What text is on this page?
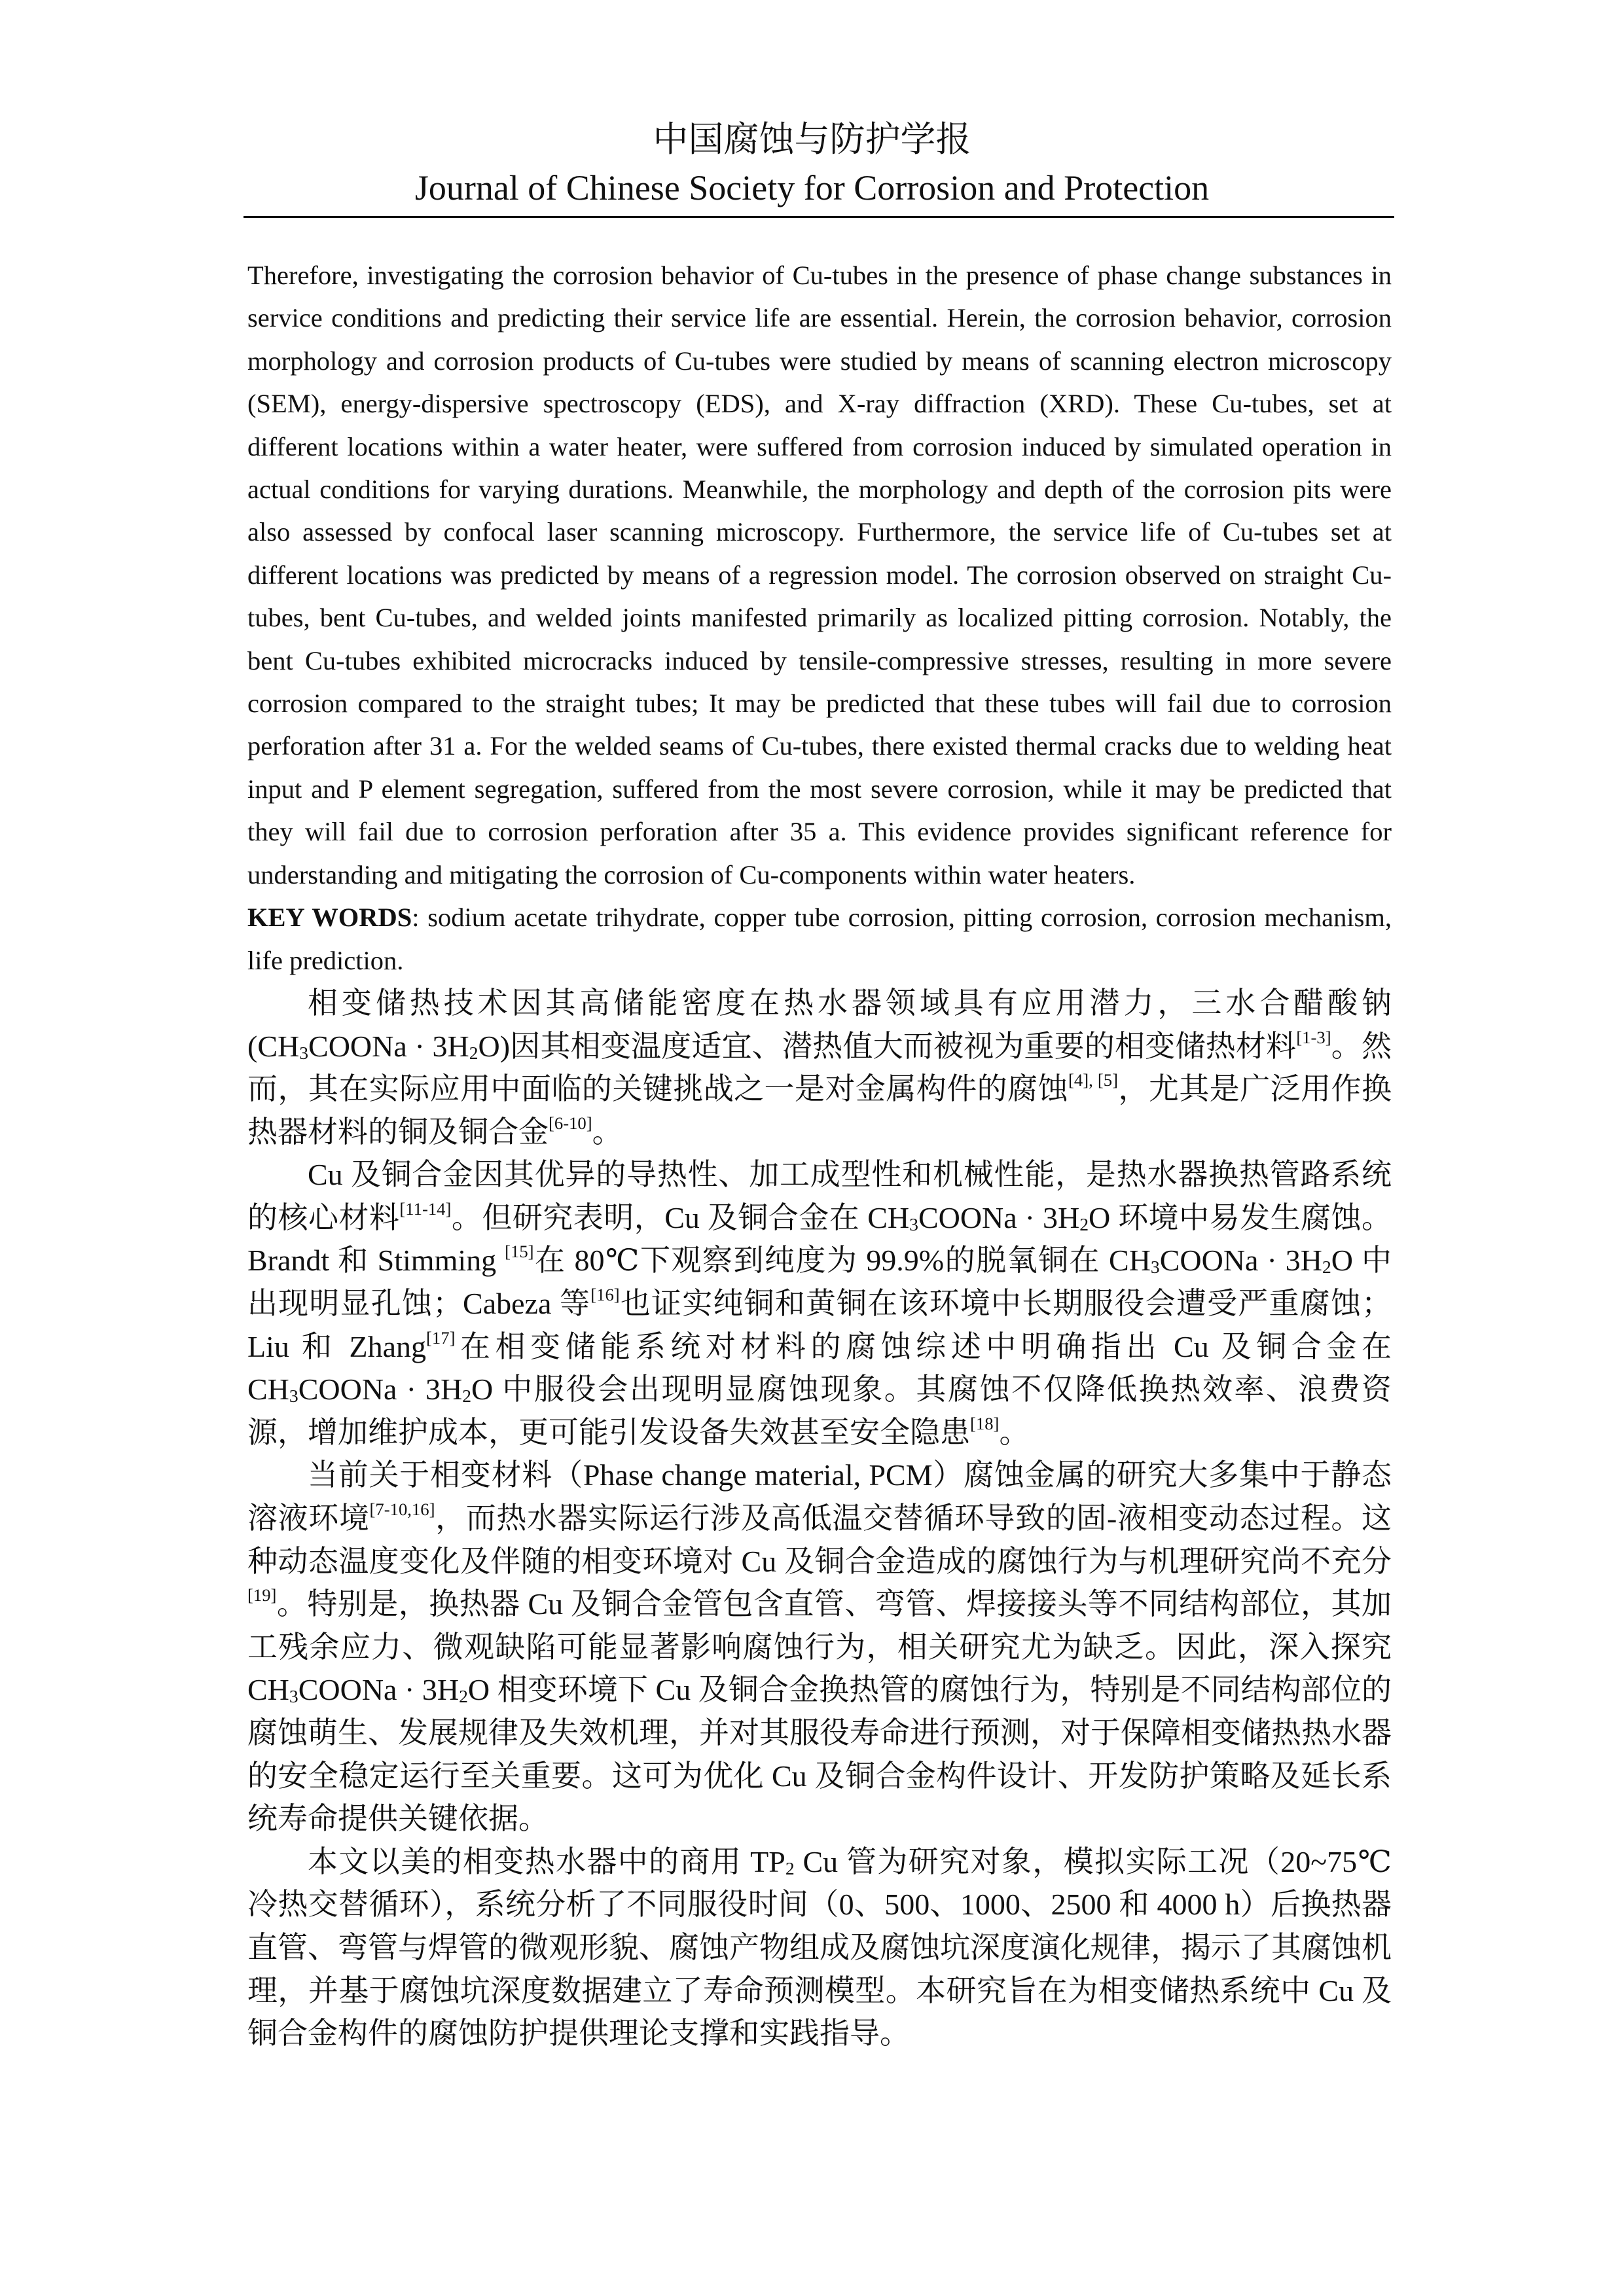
中国腐蚀与防护学报
Journal of Chinese Society for Corrosion and Protection

Therefore, investigating the corrosion behavior of Cu-tubes in the presence of phase change substances in service conditions and predicting their service life are essential. Herein, the corrosion behavior, corrosion morphology and corrosion products of Cu-tubes were studied by means of scanning electron microscopy (SEM), energy-dispersive spectroscopy (EDS), and X-ray diffraction (XRD). These Cu-tubes, set at different locations within a water heater, were suffered from corrosion induced by simulated operation in actual conditions for varying durations. Meanwhile, the morphology and depth of the corrosion pits were also assessed by confocal laser scanning microscopy. Furthermore, the service life of Cu-tubes set at different locations was predicted by means of a regression model. The corrosion observed on straight Cu-tubes, bent Cu-tubes, and welded joints manifested primarily as localized pitting corrosion. Notably, the bent Cu-tubes exhibited microcracks induced by tensile-compressive stresses, resulting in more severe corrosion compared to the straight tubes; It may be predicted that these tubes will fail due to corrosion perforation after 31 a. For the welded seams of Cu-tubes, there existed thermal cracks due to welding heat input and P element segregation, suffered from the most severe corrosion, while it may be predicted that they will fail due to corrosion perforation after 35 a. This evidence provides significant reference for understanding and mitigating the corrosion of Cu-components within water heaters.

KEY WORDS: sodium acetate trihydrate, copper tube corrosion, pitting corrosion, corrosion mechanism, life prediction.

相变储热技术因其高储能密度在热水器领域具有应用潜力，三水合醋酸钠$(CH_3COONa \cdot 3H_2O)$因其相变温度适宜、潜热值大而被视为重要的相变储热材料[1-3]。然而，其在实际应用中面临的关键挑战之一是对金属构件的腐蚀[4], [5]，尤其是广泛用作换热器材料的铜及铜合金[6-10]。

Cu 及铜合金因其优异的导热性、加工成型性和机械性能，是热水器换热管路系统的核心材料[11-14]。但研究表明，Cu 及铜合金在 $CH_3COONa \cdot 3H_2O$ 环境中易发生腐蚀。Brandt 和 Stimming [15]在 80℃下观察到纯度为 99.9%的脱氧铜在 $CH_3COONa \cdot 3H_2O$ 中出现明显孔蚀；Cabeza 等[16]也证实纯铜和黄铜在该环境中长期服役会遭受严重腐蚀；Liu 和 Zhang[17]在相变储能系统对材料的腐蚀综述中明确指出 Cu 及铜合金在 $CH_3COONa \cdot 3H_2O$ 中服役会出现明显腐蚀现象。其腐蚀不仅降低换热效率、浪费资源，增加维护成本，更可能引发设备失效甚至安全隐患[18]。

当前关于相变材料（Phase change material, PCM）腐蚀金属的研究大多集中于静态溶液环境[7-10,16]，而热水器实际运行涉及高低温交替循环导致的固-液相变动态过程。这种动态温度变化及伴随的相变环境对 Cu 及铜合金造成的腐蚀行为与机理研究尚不充分[19]。特别是，换热器 Cu 及铜合金管包含直管、弯管、焊接接头等不同结构部位，其加工残余应力、微观缺陷可能显著影响腐蚀行为，相关研究尤为缺乏。因此，深入探究 $CH_3COONa \cdot 3H_2O$ 相变环境下 Cu 及铜合金换热管的腐蚀行为，特别是不同结构部位的腐蚀萌生、发展规律及失效机理，并对其服役寿命进行预测，对于保障相变储热热水器的安全稳定运行至关重要。这可为优化 Cu 及铜合金构件设计、开发防护策略及延长系统寿命提供关键依据。

本文以美的相变热水器中的商用 $TP_2$ Cu 管为研究对象，模拟实际工况（20~75℃冷热交替循环），系统分析了不同服役时间（0、500、1000、2500 和 4000 h）后换热器直管、弯管与焊管的微观形貌、腐蚀产物组成及腐蚀坑深度演化规律，揭示了其腐蚀机理，并基于腐蚀坑深度数据建立了寿命预测模型。本研究旨在为相变储热系统中 Cu 及铜合金构件的腐蚀防护提供理论支撑和实践指导。
